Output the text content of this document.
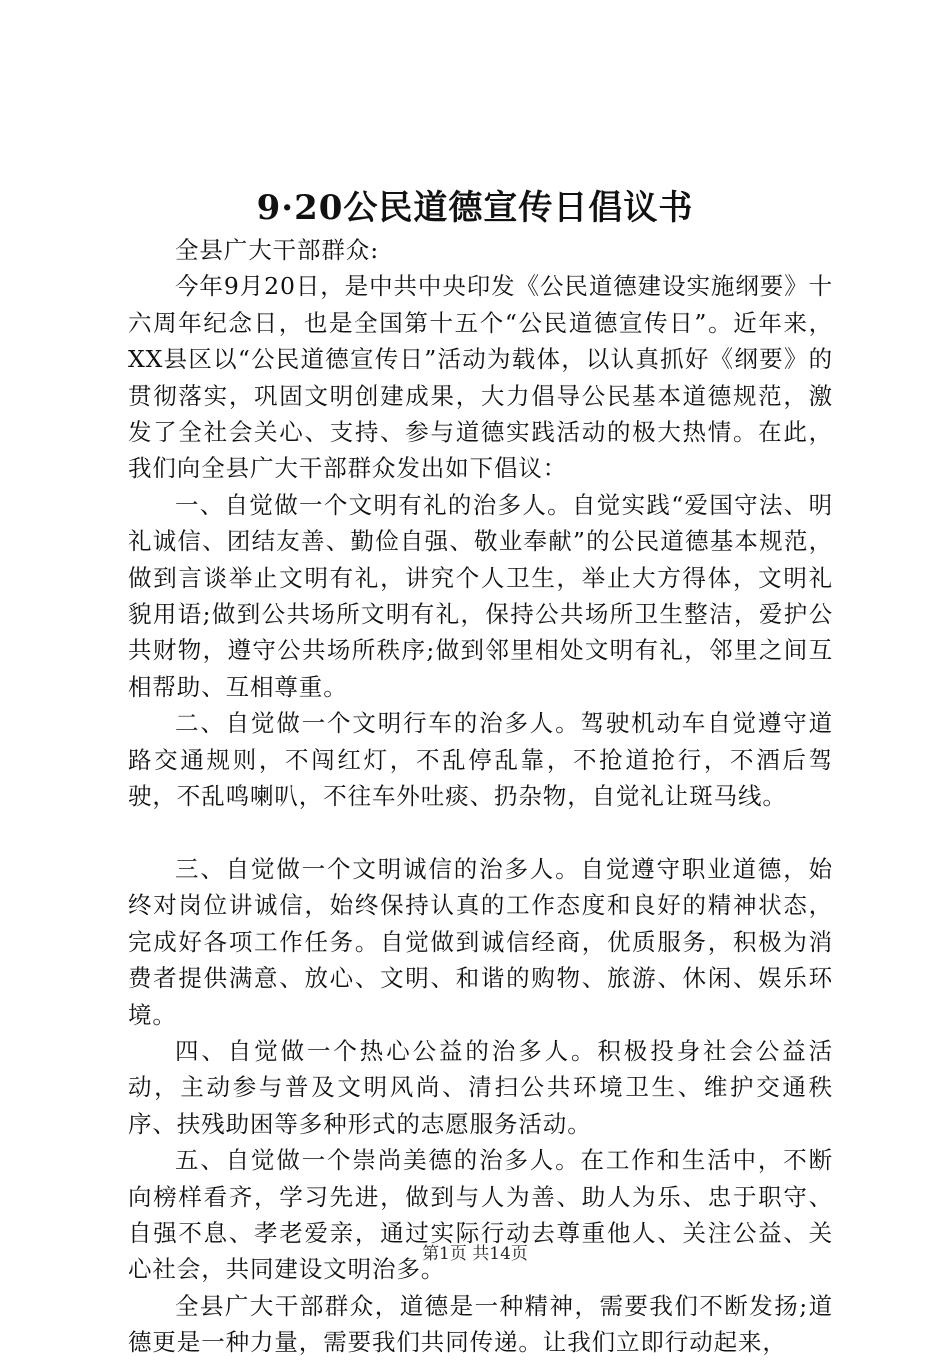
9·20公民道德宣传日倡议书

全县广大干部群众:

今年9月20日，是中共中央印发《公民道德建设实施纲要》十六周年纪念日，也是全国第十五个“公民道德宣传日”。近年来，XX县区以“公民道德宣传日”活动为载体，以认真抓好《纲要》的贯彻落实，巩固文明创建成果，大力倡导公民基本道德规范，激发了全社会关心、支持、参与道德实践活动的极大热情。在此，我们向全县广大干部群众发出如下倡议：

一、自觉做一个文明有礼的治多人。自觉实践“爱国守法、明礼诚信、团结友善、勤俭自强、敬业奉献”的公民道德基本规范，做到言谈举止文明有礼，讲究个人卫生，举止大方得体，文明礼貌用语;做到公共场所文明有礼，保持公共场所卫生整洁，爱护公共财物，遵守公共场所秩序;做到邻里相处文明有礼，邻里之间互相帮助、互相尊重。

二、自觉做一个文明行车的治多人。驾驶机动车自觉遵守道路交通规则，不闯红灯，不乱停乱靠，不抢道抢行，不酒后驾驶，不乱鸣喇叭，不往车外吐痰、扔杂物，自觉礼让斑马线。

三、自觉做一个文明诚信的治多人。自觉遵守职业道德，始终对岗位讲诚信，始终保持认真的工作态度和良好的精神状态，完成好各项工作任务。自觉做到诚信经商，优质服务，积极为消费者提供满意、放心、文明、和谐的购物、旅游、休闲、娱乐环境。

四、自觉做一个热心公益的治多人。积极投身社会公益活动，主动参与普及文明风尚、清扫公共环境卫生、维护交通秩序、扶残助困等多种形式的志愿服务活动。

五、自觉做一个崇尚美德的治多人。在工作和生活中，不断向榜样看齐，学习先进，做到与人为善、助人为乐、忠于职守、自强不息、孝老爱亲，通过实际行动去尊重他人、关注公益、关心社会，共同建设文明治多。

全县广大干部群众，道德是一种精神，需要我们不断发扬;道德更是一种力量，需要我们共同传递。让我们立即行动起来，

第1页 共14页
